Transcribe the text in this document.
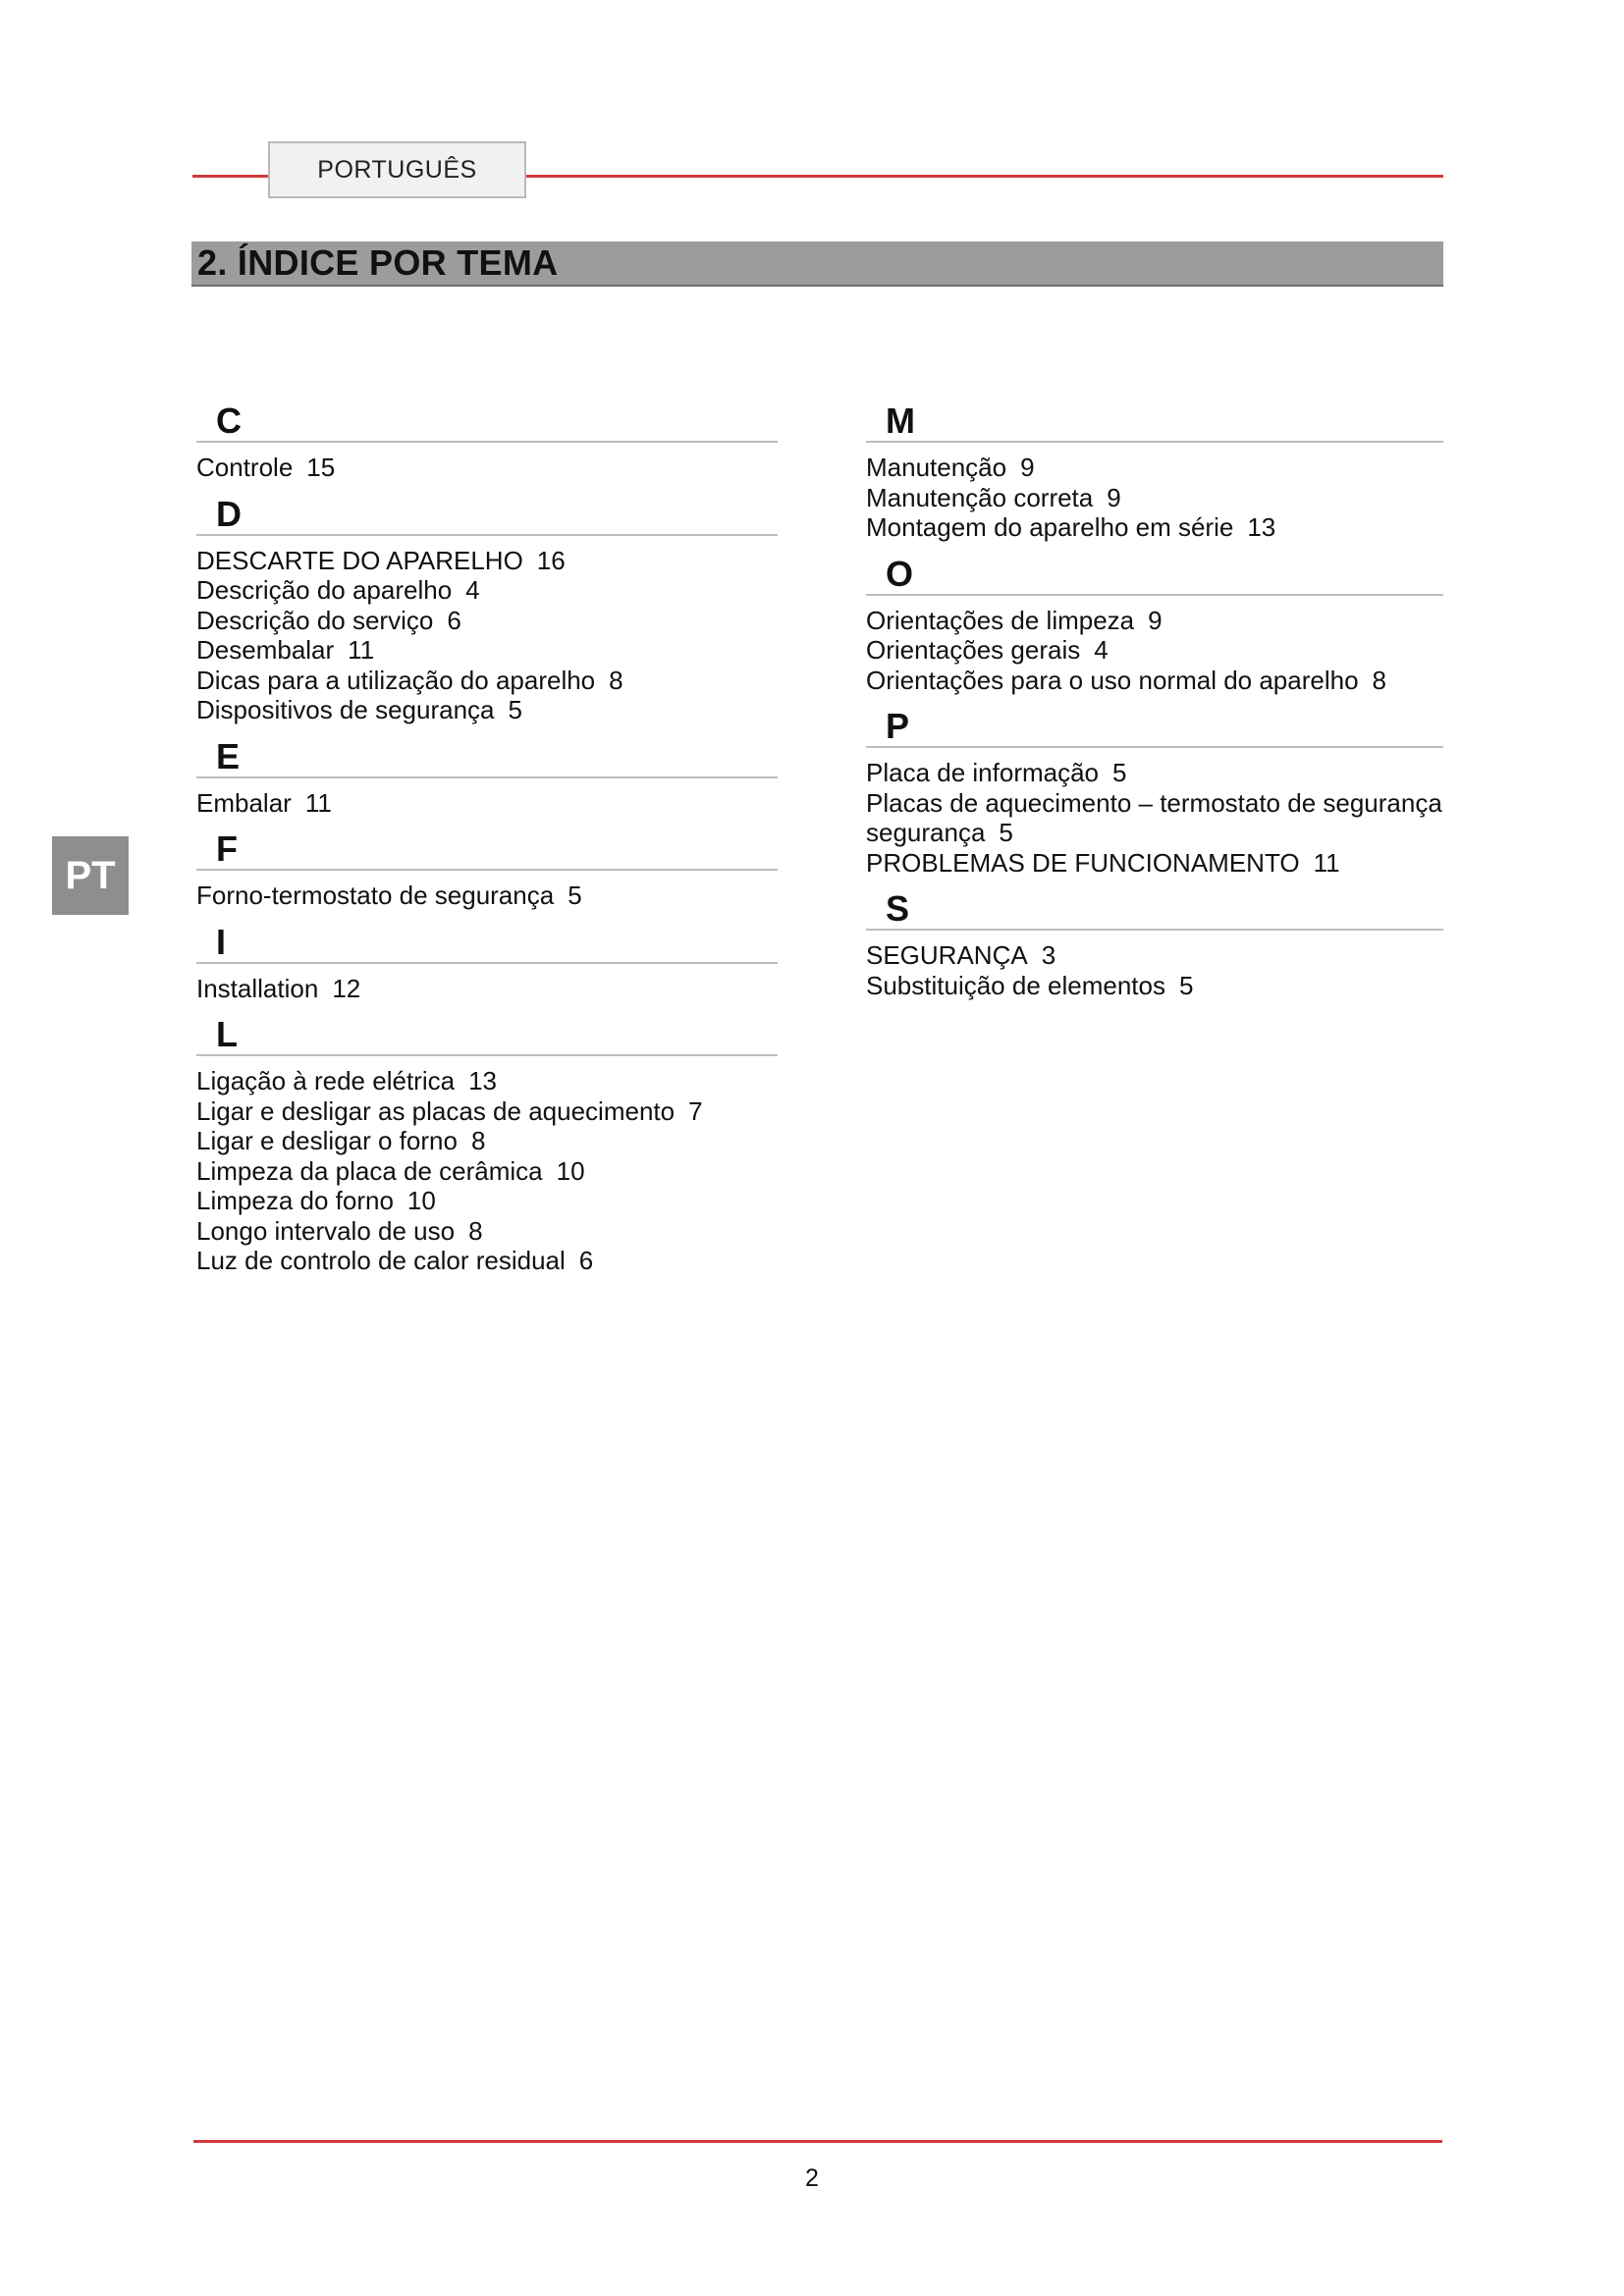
PORTUGUÊS
2. ÍNDICE POR TEMA
PT
C
Controle 15
D
DESCARTE DO APARELHO 16
Descrição do aparelho 4
Descrição do serviço 6
Desembalar 11
Dicas para a utilização do aparelho 8
Dispositivos de segurança 5
E
Embalar 11
F
Forno-termostato de segurança 5
I
Installation 12
L
Ligação à rede elétrica 13
Ligar e desligar as placas de aquecimento 7
Ligar e desligar o forno 8
Limpeza da placa de cerâmica 10
Limpeza do forno 10
Longo intervalo de uso 8
Luz de controlo de calor residual 6
M
Manutenção 9
Manutenção correta 9
Montagem do aparelho em série 13
O
Orientações de limpeza 9
Orientações gerais 4
Orientações para o uso normal do aparelho 8
P
Placa de informação 5
Placas de aquecimento – termostato de segurança segurança 5
PROBLEMAS DE FUNCIONAMENTO 11
S
SEGURANÇA 3
Substituição de elementos 5
2
